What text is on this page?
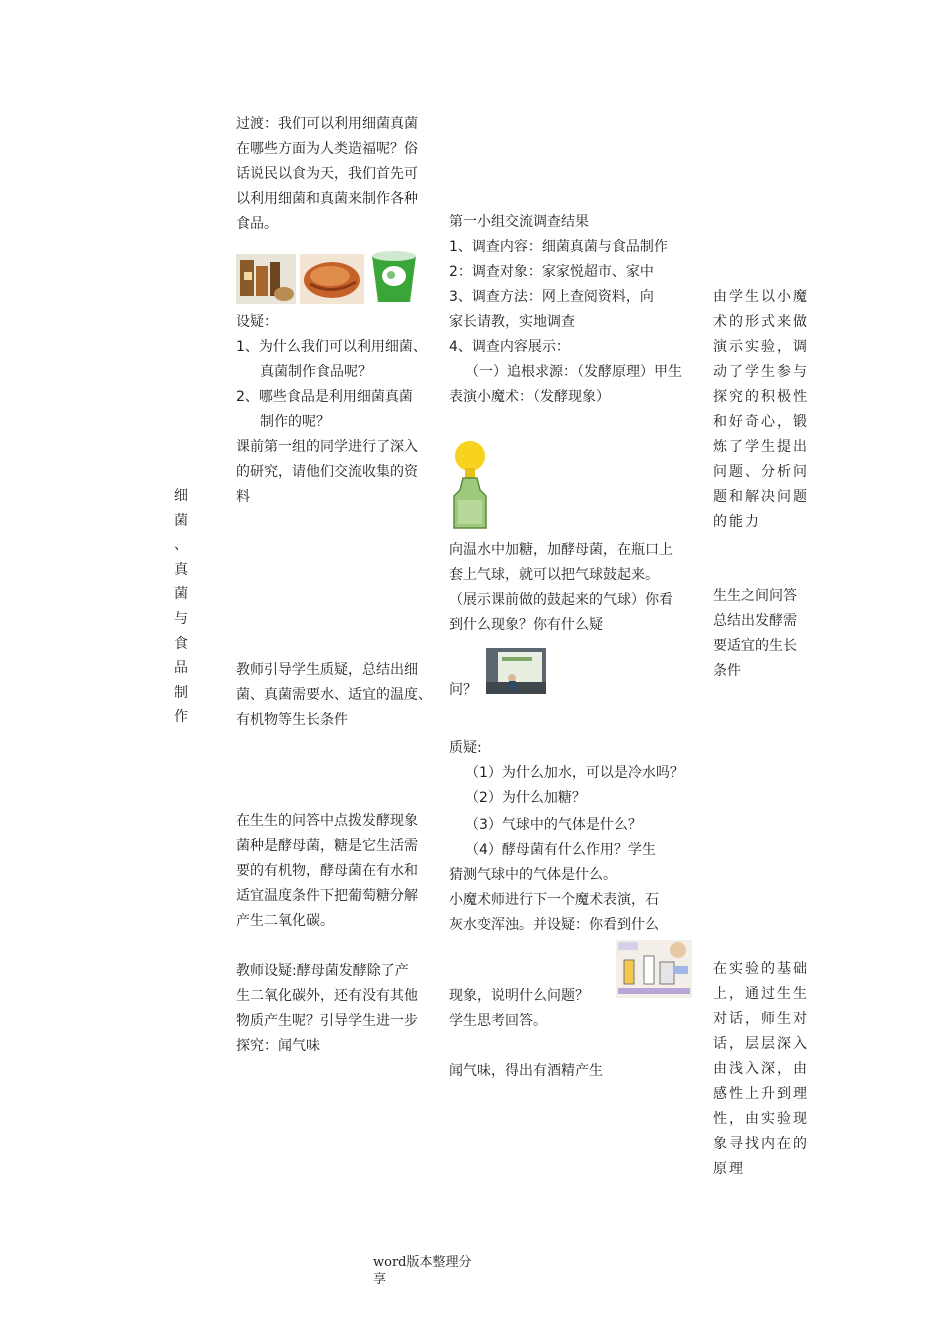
细
菌
、
真
菌
与
食
品
制
作

过渡：我们可以利用细菌真菌

在哪些方面为人类造福呢？俗

话说民以食为天，我们首先可

以利用细菌和真菌来制作各种

食品。

设疑：

1、为什么我们可以利用细菌、

真菌制作食品呢？

2、哪些食品是利用细菌真菌

制作的呢？

课前第一组的同学进行了深入

的研究，请他们交流收集的资

料

教师引导学生质疑，总结出细

菌、真菌需要水、适宜的温度、

有机物等生长条件

在生生的问答中点拨发酵现象

菌种是酵母菌，糖是它生活需

要的有机物，酵母菌在有水和

适宜温度条件下把葡萄糖分解

产生二氧化碳。

教师设疑:酵母菌发酵除了产

生二氧化碳外，还有没有其他

物质产生呢？引导学生进一步

探究：闻气味

第一小组交流调查结果

1、调查内容：细菌真菌与食品制作

2：调查对象：家家悦超市、家中

3、调查方法：网上查阅资料，向

家长请教，实地调查

4、调查内容展示：

（一）追根求源：（发酵原理）甲生

表演小魔术：（发酵现象）

向温水中加糖，加酵母菌，在瓶口上

套上气球，就可以把气球鼓起来。

（展示课前做的鼓起来的气球）你看

到什么现象？你有什么疑

问？

质疑:

（1）为什么加水，可以是冷水吗？

（2）为什么加糖？

（3）气球中的气体是什么？

（4）酵母菌有什么作用？学生

猜测气球中的气体是什么。

小魔术师进行下一个魔术表演，石

灰水变浑浊。并设疑：你看到什么

现象，说明什么问题？

学生思考回答。

闻气味，得出有酒精产生

由学生以小魔

术的形式来做

演示实验，调

动了学生参与

探究的积极性

和好奇心，锻

炼了学生提出

问题、分析问

题和解决问题

的能力

生生之间问答

总结出发酵需

要适宜的生长

条件

在实验的基础

上，通过生生

对话，师生对

话，层层深入

由浅入深，由

感性上升到理

性，由实验现

象寻找内在的

原理

word版本整理分
享
